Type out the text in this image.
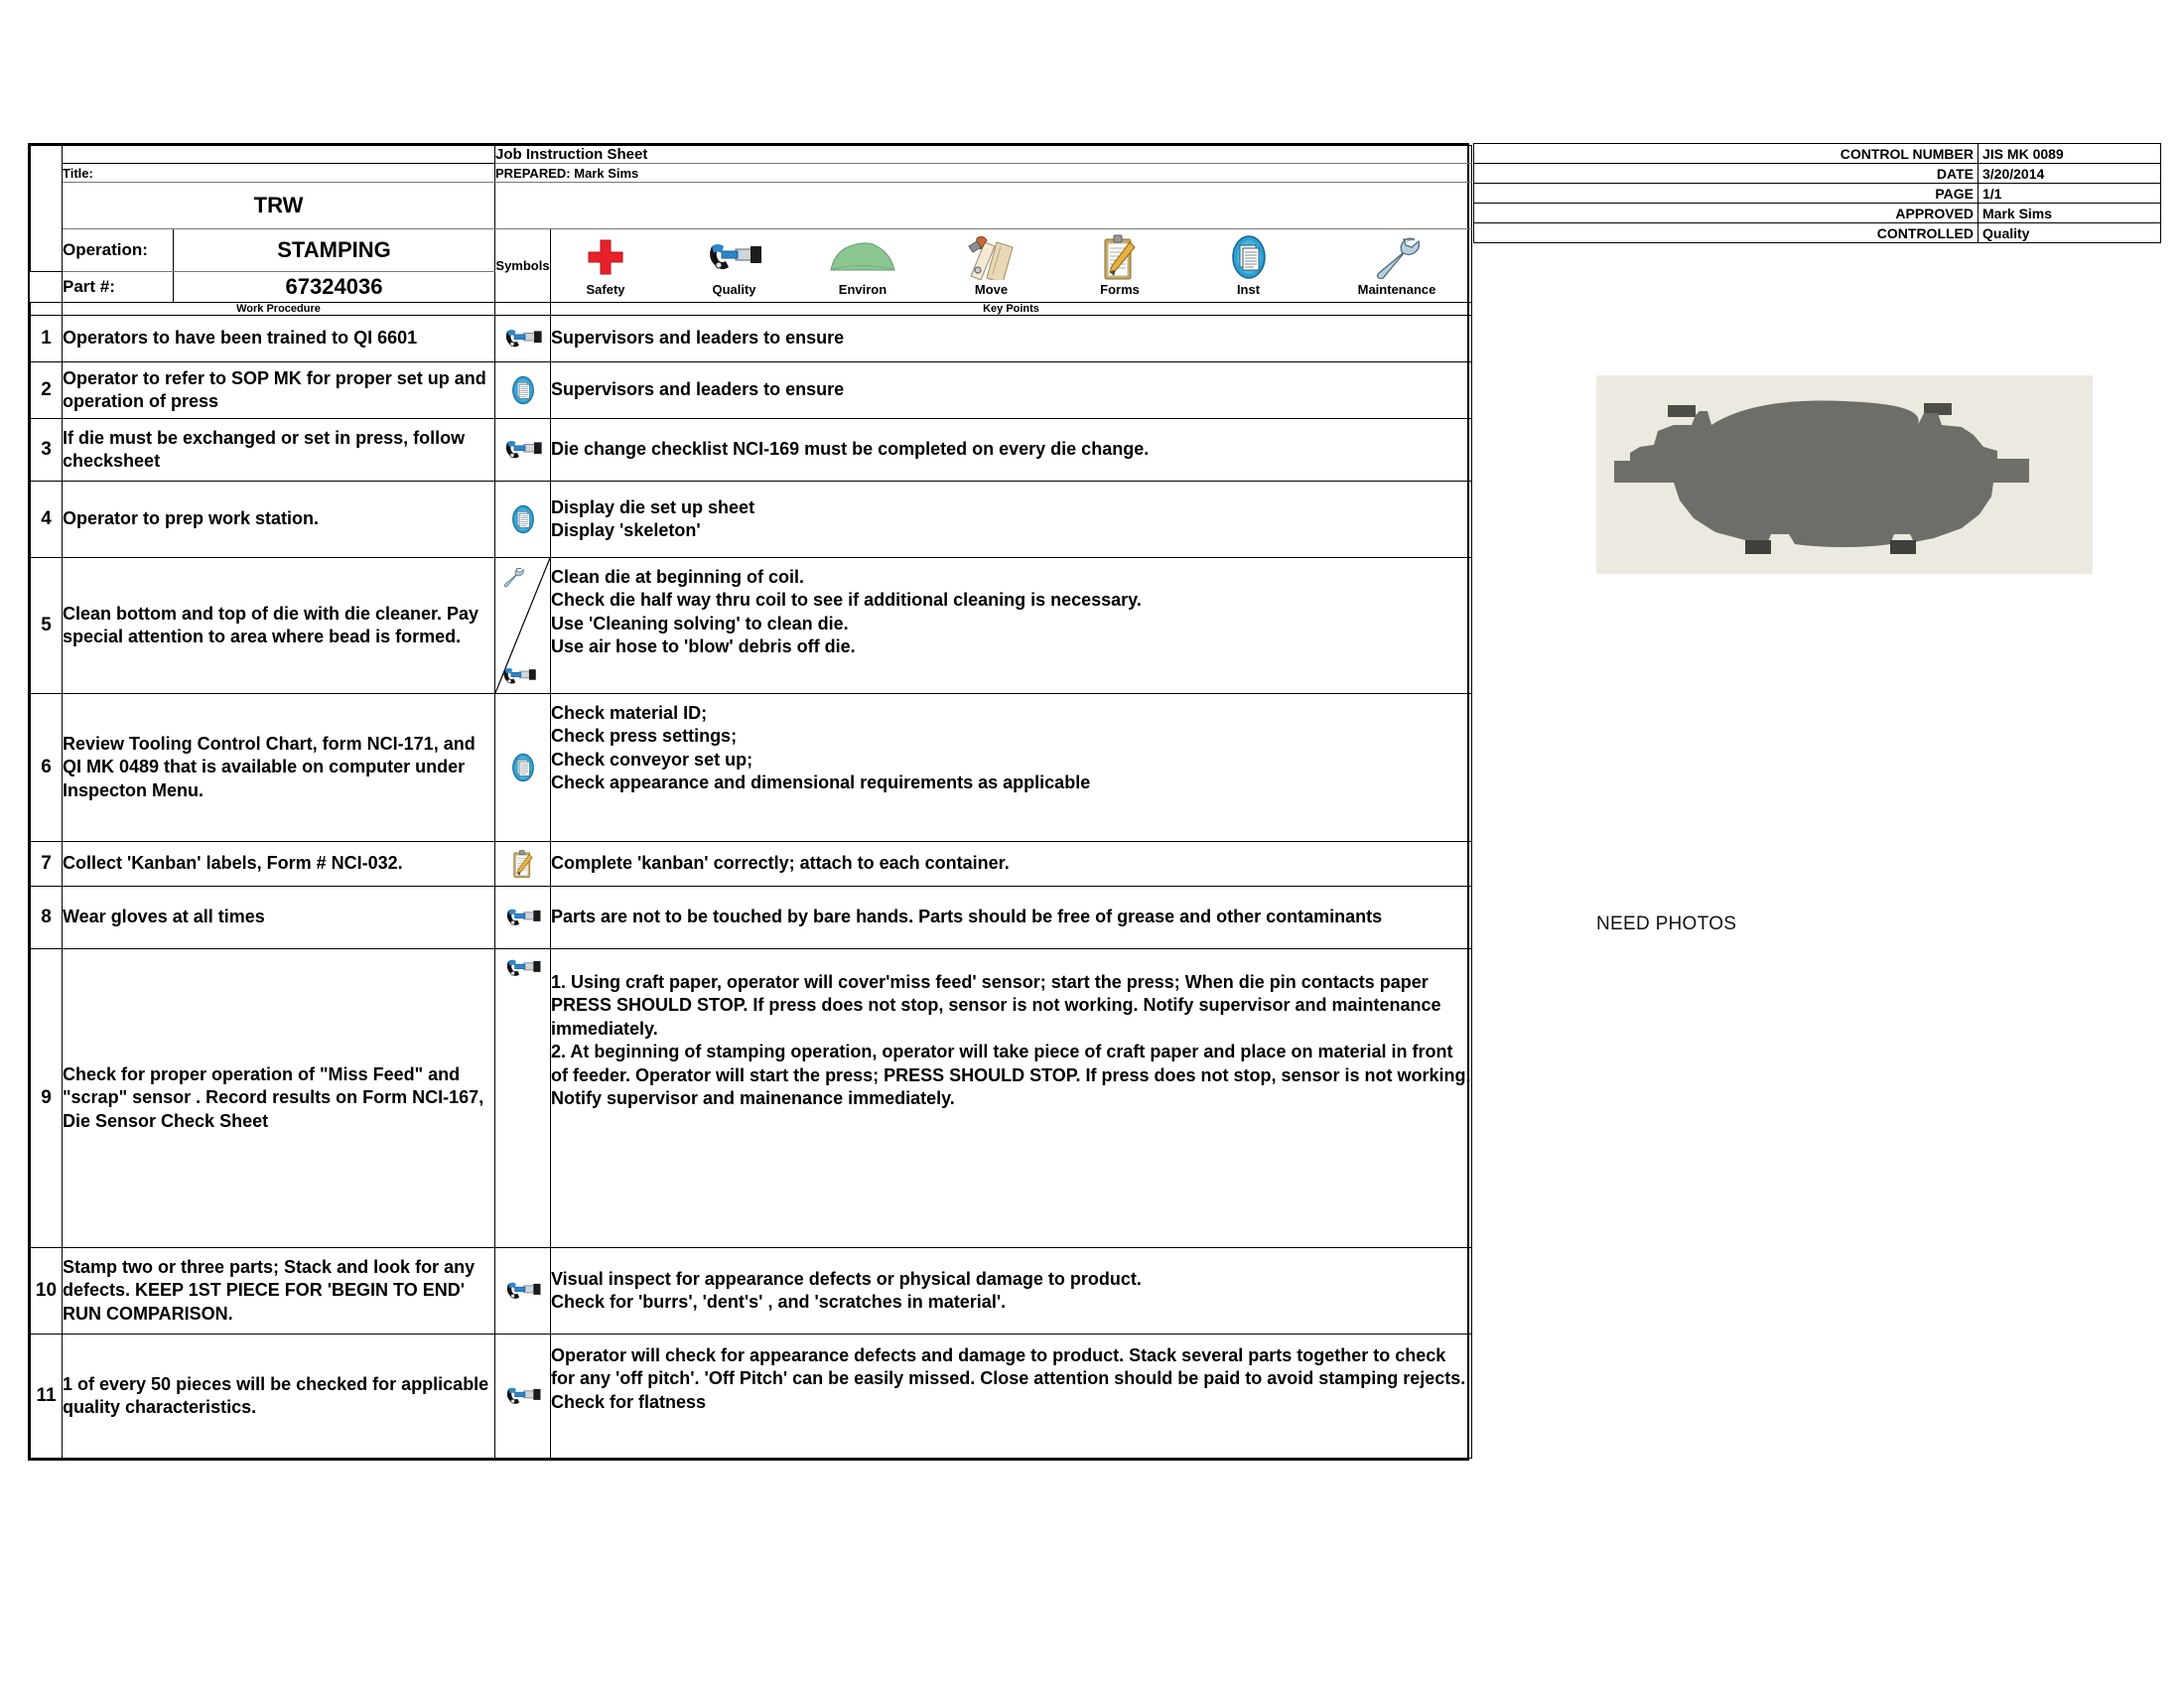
			Job Instruction Sheet	
	Title:		PREPARED: Mark Sims	
	TRW			
Operation:	STAMPING	Symbols	
Safety	Quality	Environ	Move	Forms	Inst	Maintenance

	Part #:	67324036		
	Work Procedure			Key Points
1	Operators to have been trained to QI 6601			Supervisors and leaders to ensure
2	Operator to refer to SOP MK for proper set up and operation of press			Supervisors and leaders to ensure
3	If die must be exchanged or set in press, follow checksheet			Die change checklist NCI-169 must be completed on every die change.
4	Operator to prep work station.			Display die set up sheet
Display 'skeleton'
5	Clean bottom and top of die with die cleaner. Pay special attention to area where bead is formed.			Clean die at beginning of coil.
Check die half way thru coil to see if additional cleaning is necessary.
Use 'Cleaning solving' to clean die.
Use air hose to 'blow' debris off die.
6	Review Tooling Control Chart, form NCI-171, and QI MK 0489 that is available on computer under Inspecton Menu.			Check material ID;
Check press settings;
Check conveyor set up;
Check appearance and dimensional requirements as applicable
7	Collect 'Kanban' labels, Form # NCI-032.			Complete 'kanban' correctly; attach to each container.
8	Wear gloves at all times			Parts are not to be touched by bare hands. Parts should be free of grease and other contaminants
9	Check for proper operation of "Miss Feed" and "scrap" sensor . Record results on Form NCI-167, Die Sensor Check Sheet			1. Using craft paper, operator will cover'miss feed' sensor; start the press; When die pin contacts paper PRESS SHOULD STOP. If press does not stop, sensor is not working. Notify supervisor and maintenance immediately.
2. At beginning of stamping operation, operator will take piece of craft paper and place on material in front of feeder. Operator will start the press; PRESS SHOULD STOP. If press does not stop, sensor is not working. Notify supervisor and mainenance immediately.
10	Stamp two or three parts; Stack and look for any defects. KEEP 1ST PIECE FOR 'BEGIN TO END' RUN COMPARISON.			Visual inspect for appearance defects or physical damage to product.
Check for 'burrs', 'dent's' , and 'scratches in material'.
11	1 of every 50 pieces will be checked for applicable quality characteristics.			Operator will check for appearance defects and damage to product. Stack several parts together to check for any 'off pitch'. 'Off Pitch' can be easily missed. Close attention should be paid to avoid stamping rejects. Check for flatness
CONTROL NUMBER	JIS MK 0089
DATE	3/20/2014
PAGE	1/1
APPROVED	Mark Sims
CONTROLLED	Quality
NEED PHOTOS
